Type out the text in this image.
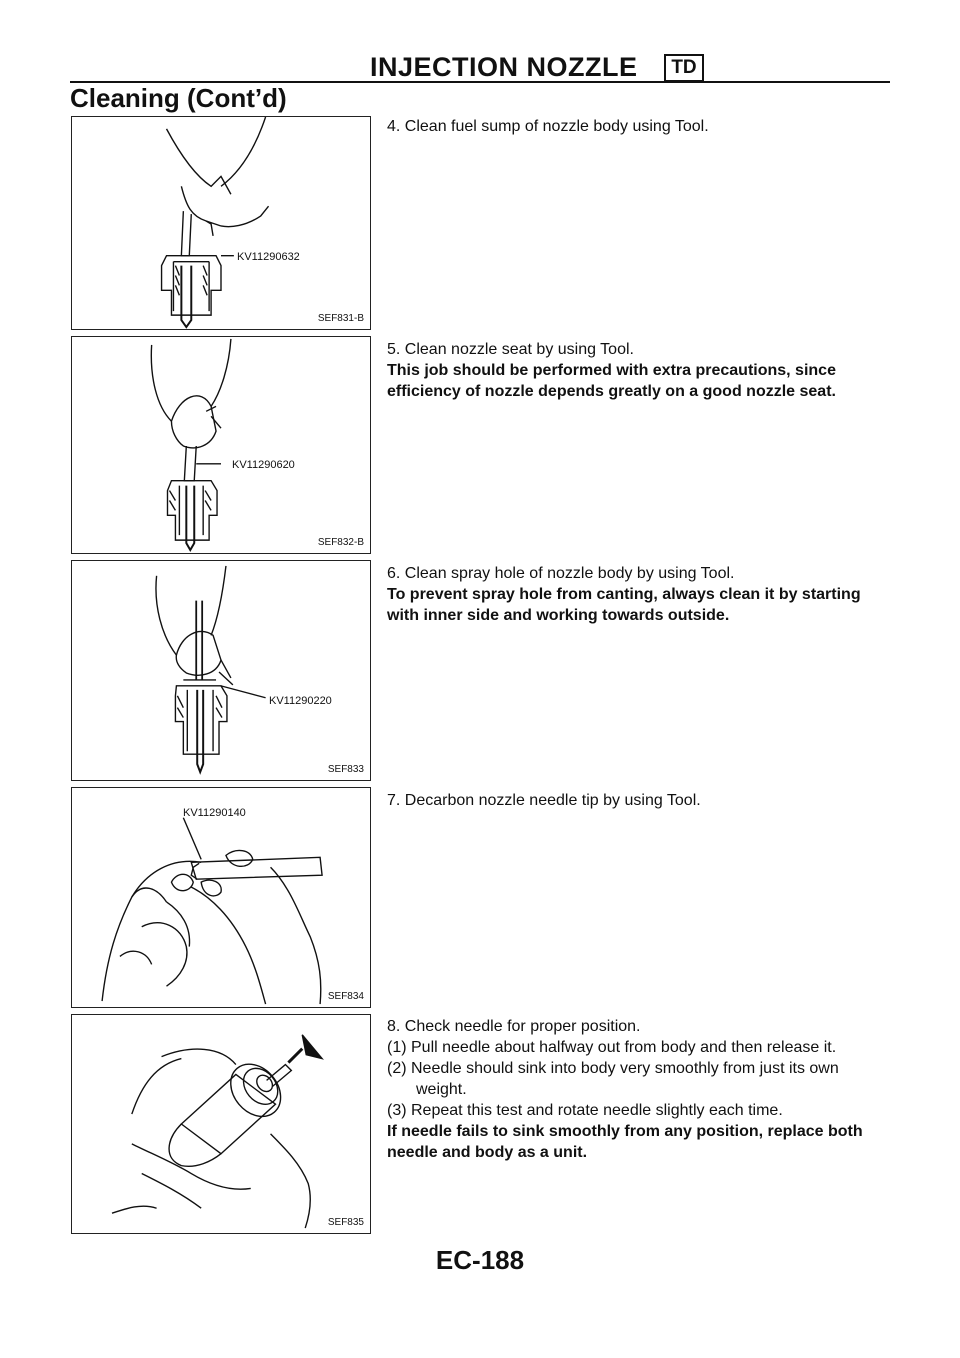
INJECTION NOZZLE	TD
Cleaning (Cont’d)
KV11290632
SEF831-B

4. Clean fuel sump of nozzle body using Tool.

KV11290620
SEF832-B

5. Clean nozzle seat by using Tool.

This job should be performed with extra precautions, since efficiency of nozzle depends greatly on a good nozzle seat.

KV11290220
SEF833

6. Clean spray hole of nozzle body by using Tool.

To prevent spray hole from canting, always clean it by starting with inner side and working towards outside.

KV11290140
SEF834

7. Decarbon nozzle needle tip by using Tool.

SEF835

8. Check needle for proper position.

(1) Pull needle about halfway out from body and then release it.

(2) Needle should sink into body very smoothly from just its own weight.

(3) Repeat this test and rotate needle slightly each time.

If needle fails to sink smoothly from any position, replace both needle and body as a unit.

EC-188
